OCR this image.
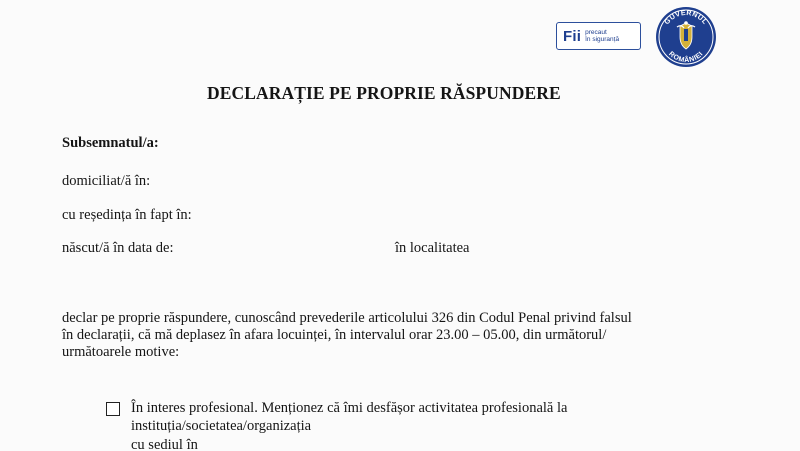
Fii precaut
în siguranță
GUVERNUL
ROMÂNIEI
DECLARAȚIE PE PROPRIE RĂSPUNDERE
Subsemnatul/a:
domiciliat/ă în:
cu reședința în fapt în:
născut/ă în data de:	în localitatea
declar pe proprie răspundere, cunoscând prevederile articolului 326 din Codul Penal privind falsul
în declarații, că mă deplasez în afara locuinței, în intervalul orar 23.00 – 05.00, din următorul/
următoarele motive:
În interes profesional. Menționez că îmi desfășor activitatea profesională la
instituția/societatea/organizația
cu sediul în
